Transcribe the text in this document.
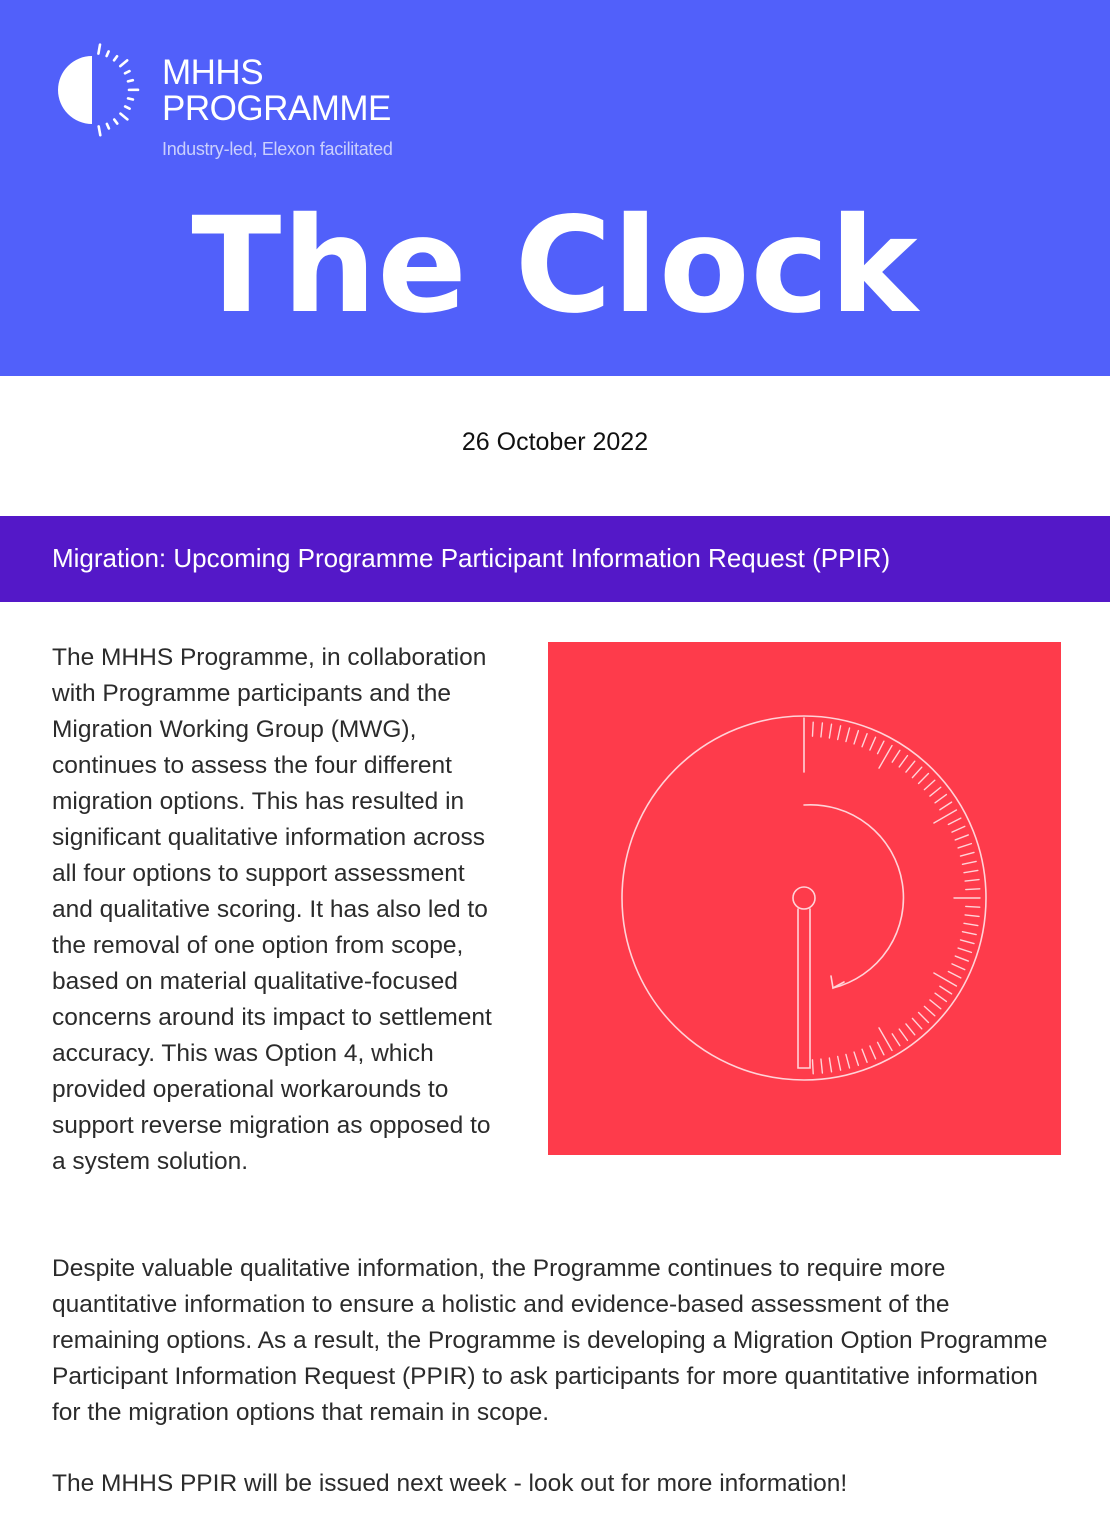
MHHS
PROGRAMME
Industry-led, Elexon facilitated
The Clock
26 October 2022
Migration: Upcoming Programme Participant Information Request (PPIR)
The MHHS Programme, in collaboration with Programme participants and the Migration Working Group (MWG), continues to assess the four different migration options. This has resulted in significant qualitative information across all four options to support assessment and qualitative scoring. It has also led to the removal of one option from scope, based on material qualitative-focused concerns around its impact to settlement accuracy. This was Option 4, which provided operational workarounds to support reverse migration as opposed to a system solution.

Despite valuable qualitative information, the Programme continues to require more quantitative information to ensure a holistic and evidence-based assessment of the remaining options. As a result, the Programme is developing a Migration Option Programme Participant Information Request (PPIR) to ask participants for more quantitative information for the migration options that remain in scope.

The MHHS PPIR will be issued next week - look out for more information!
